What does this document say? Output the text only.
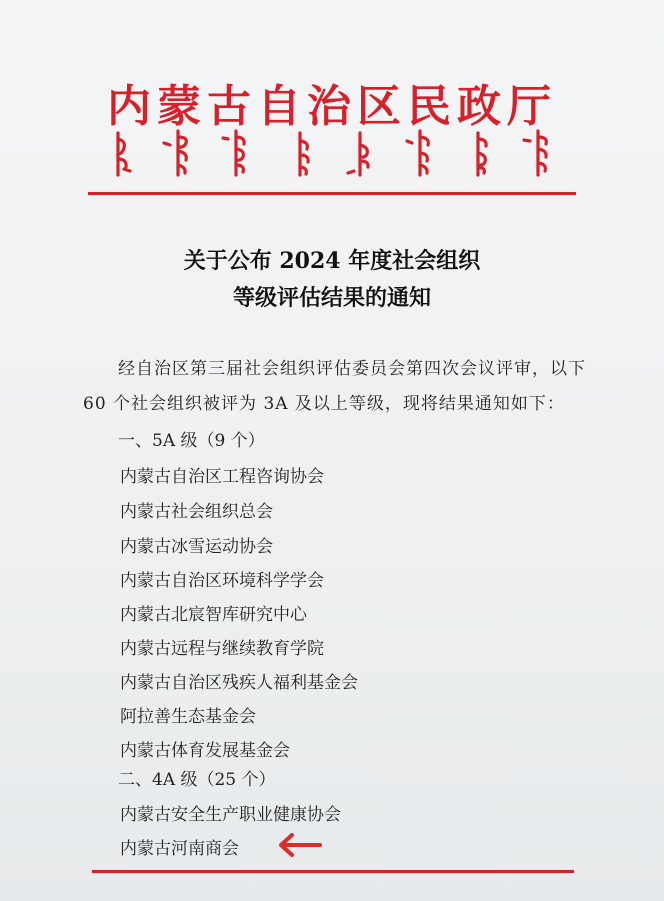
内蒙古自治区民政厅
关于公布 2024 年度社会组织
等级评估结果的通知
经自治区第三届社会组织评估委员会第四次会议评审，以下
60 个社会组织被评为 3A 及以上等级，现将结果通知如下：
一、5A 级（9 个）
内蒙古自治区工程咨询协会
内蒙古社会组织总会
内蒙古冰雪运动协会
内蒙古自治区环境科学学会
内蒙古北宸智库研究中心
内蒙古远程与继续教育学院
内蒙古自治区残疾人福利基金会
阿拉善生态基金会
内蒙古体育发展基金会
二、4A 级（25 个）
内蒙古安全生产职业健康协会
内蒙古河南商会
